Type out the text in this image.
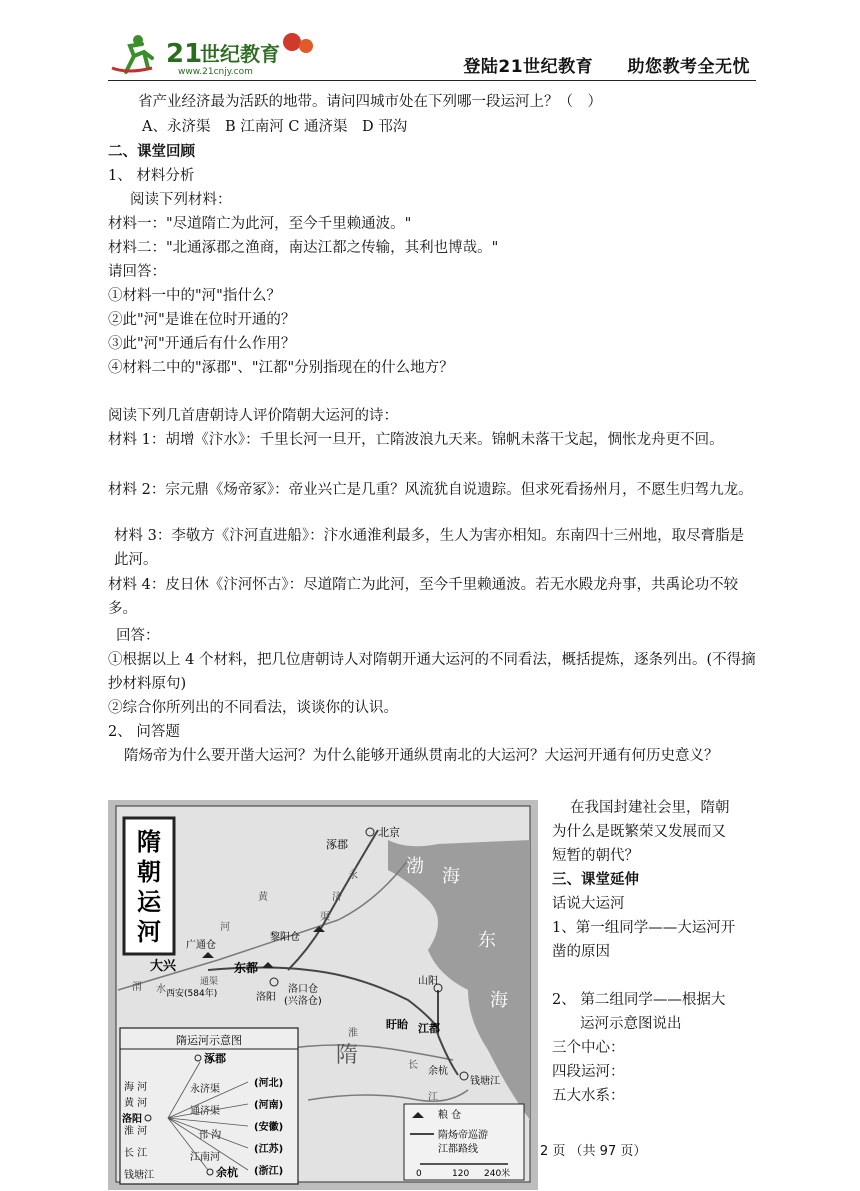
21
世纪教育
www.21cnjy.com	登陆21世纪教育 助您教考全无忧
省产业经济最为活跃的地带。请问四城市处在下列哪一段运河上？（　）
A、永济渠　B 江南河 C 通济渠　D 邗沟
二、课堂回顾
1、 材料分析
阅读下列材料：
材料一："尽道隋亡为此河，至今千里赖通波。"
材料二："北通涿郡之渔商，南达江都之传输，其利也博哉。"
请回答：
①材料一中的"河"指什么？
②此"河"是谁在位时开通的？
③此"河"开通后有什么作用？
④材料二中的"涿郡"、"江都"分别指现在的什么地方？
阅读下列几首唐朝诗人评价隋朝大运河的诗：
材料 1：胡增《汴水》：千里长河一旦开，亡隋波浪九天来。锦帆未落干戈起，惆怅龙舟更不回。
材料 2：宗元鼎《炀帝冢》：帝业兴亡是几重？风流犹自说遗踪。但求死看扬州月，不愿生归驾九龙。
材料 3：李敬方《汴河直进船》：汴水通淮利最多，生人为害亦相知。东南四十三州地，取尽膏脂是此河。
材料 4：皮日休《汴河怀古》：尽道隋亡为此河，至今千里赖通波。若无水殿龙舟事，共禹论功不较多。
回答：
①根据以上 4 个材料，把几位唐朝诗人对隋朝开通大运河的不同看法，概括提炼，逐条列出。(不得摘抄材料原句)
②综合你所列出的不同看法，谈谈你的认识。
2、 问答题
隋炀帝为什么要开凿大运河？为什么能够开通纵贯南北的大运河？大运河开通有何历史意义？
隋
朝
运
河
北京
涿郡
渤 海
东
海
黎阳仓
广通仓
大兴	东都
洛阳
洛口仓
(兴洛仓)
西安(584年)
山阳
盱眙 江都
余杭
钱塘江
隋
永
济
渠
黄
河
渭 水
淮
长
江
通渠
隋运河示意图
涿郡
海 河
黄 河
洛阳
淮 河
长 江
钱塘江
永济渠
通济渠
邗 沟
江南河
(河北)
(河南)
(安徽)
(江苏)
(浙江)
余杭
粮 仓
隋炀帝巡游
江都路线
0	120 240米
在我国封建社会里，隋朝
为什么是既繁荣又发展而又
短暂的朝代？
三、课堂延伸
话说大运河
1、第一组同学——大运河开
凿的原因
2、 第二组同学——根据大
运河示意图说出
三个中心：
四段运河：
五大水系：
2 页 （共 97 页）
